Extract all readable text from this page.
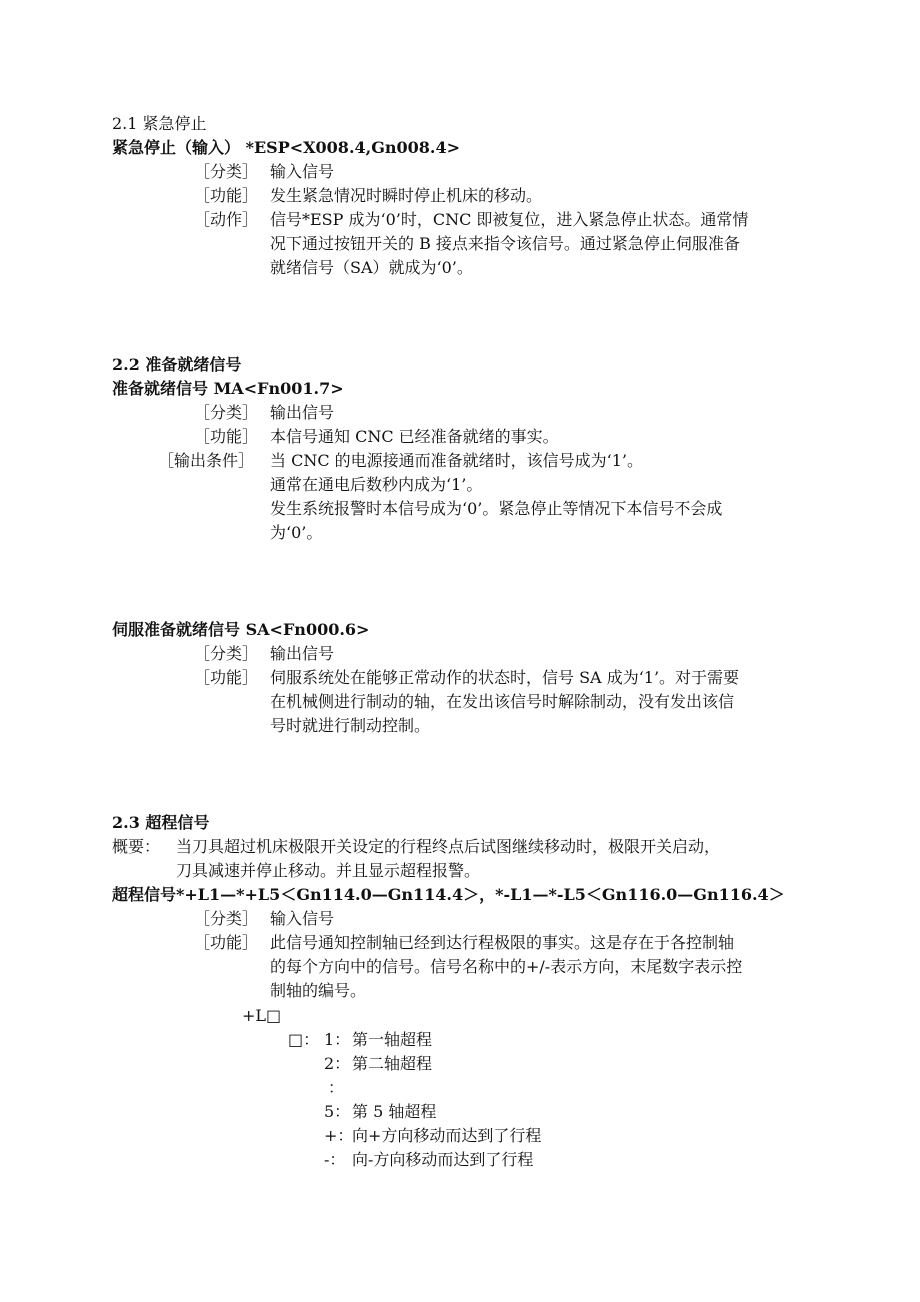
2.1 紧急停止
紧急停止（输入） *ESP<X008.4,Gn008.4>
［分类］ 输入信号
［功能］ 发生紧急情况时瞬时停止机床的移动。
［动作］ 信号*ESP 成为‘0’时，CNC 即被复位，进入紧急停止状态。通常情
况下通过按钮开关的 B 接点来指令该信号。通过紧急停止伺服准备
就绪信号（SA）就成为‘0’。
2.2 准备就绪信号
准备就绪信号 MA<Fn001.7>
［分类］ 输出信号
［功能］ 本信号通知 CNC 已经准备就绪的事实。
［输出条件］ 当 CNC 的电源接通而准备就绪时，该信号成为‘1’。
通常在通电后数秒内成为‘1’。
发生系统报警时本信号成为‘0’。紧急停止等情况下本信号不会成
为‘0’。
伺服准备就绪信号 SA<Fn000.6>
［分类］ 输出信号
［功能］ 伺服系统处在能够正常动作的状态时，信号 SA 成为‘1’。对于需要
在机械侧进行制动的轴，在发出该信号时解除制动，没有发出该信
号时就进行制动控制。
2.3 超程信号
概要： 当刀具超过机床极限开关设定的行程终点后试图继续移动时，极限开关启动，
刀具减速并停止移动。并且显示超程报警。
超程信号*+L1—*+L5＜Gn114.0—Gn114.4＞，*-L1—*-L5＜Gn116.0—Gn116.4＞
［分类］ 输入信号
［功能］ 此信号通知控制轴已经到达行程极限的事实。这是存在于各控制轴
的每个方向中的信号。信号名称中的+/-表示方向，末尾数字表示控
制轴的编号。
+L□
□： 1： 第一轴超程
2： 第二轴超程
：
5： 第 5 轴超程
+：
向+方向移动而达到了行程
-： 向-方向移动而达到了行程
